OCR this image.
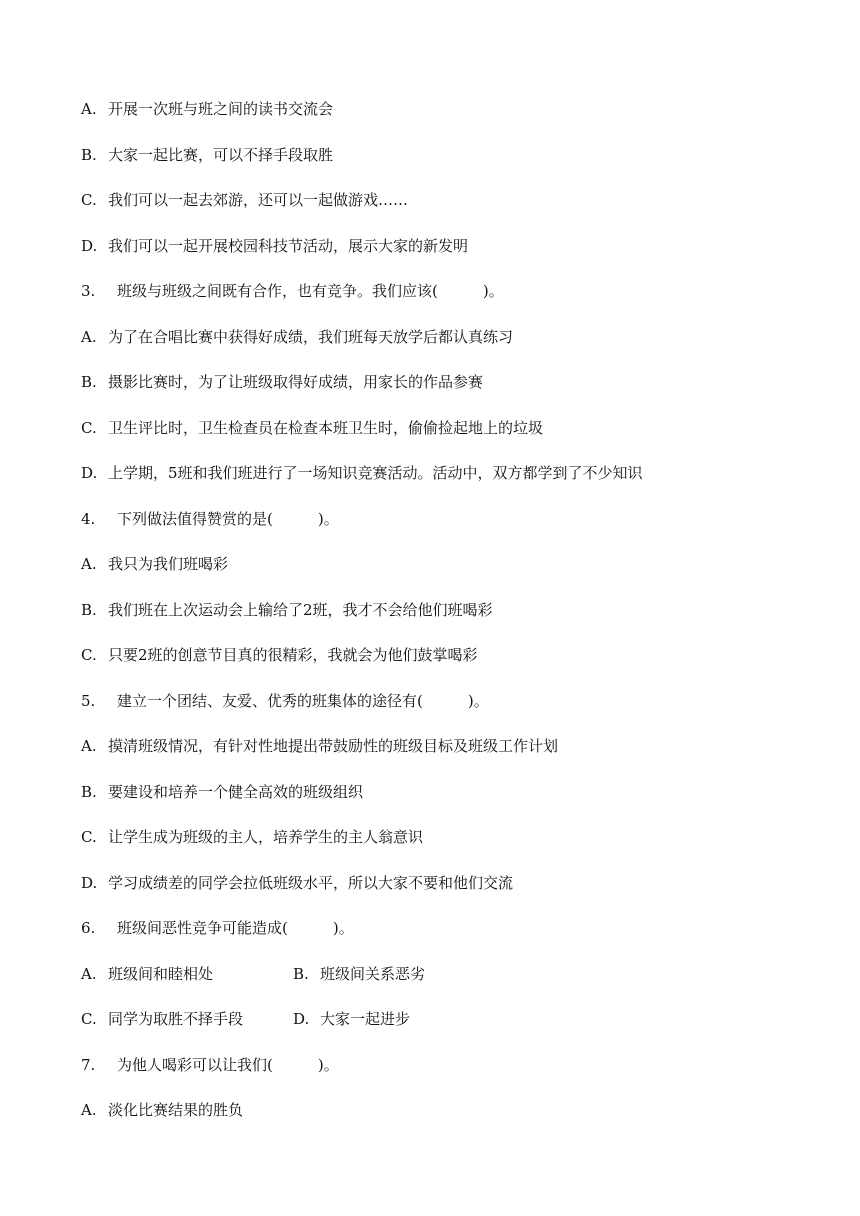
A. 开展一次班与班之间的读书交流会
B. 大家一起比赛，可以不择手段取胜
C. 我们可以一起去郊游，还可以一起做游戏……
D. 我们可以一起开展校园科技节活动，展示大家的新发明
3. 班级与班级之间既有合作，也有竞争。我们应该(　　　)。
A. 为了在合唱比赛中获得好成绩，我们班每天放学后都认真练习
B. 摄影比赛时，为了让班级取得好成绩，用家长的作品参赛
C. 卫生评比时，卫生检查员在检查本班卫生时，偷偷捡起地上的垃圾
D. 上学期，5班和我们班进行了一场知识竞赛活动。活动中，双方都学到了不少知识
4. 下列做法值得赞赏的是(　　　)。
A. 我只为我们班喝彩
B. 我们班在上次运动会上输给了2班，我才不会给他们班喝彩
C. 只要2班的创意节目真的很精彩，我就会为他们鼓掌喝彩
5. 建立一个团结、友爱、优秀的班集体的途径有(　　　)。
A. 摸清班级情况，有针对性地提出带鼓励性的班级目标及班级工作计划
B. 要建设和培养一个健全高效的班级组织
C. 让学生成为班级的主人，培养学生的主人翁意识
D. 学习成绩差的同学会拉低班级水平，所以大家不要和他们交流
6. 班级间恶性竞争可能造成(　　　)。
A. 班级间和睦相处	B. 班级间关系恶劣
C. 同学为取胜不择手段	D. 大家一起进步
7. 为他人喝彩可以让我们(　　　)。
A. 淡化比赛结果的胜负
